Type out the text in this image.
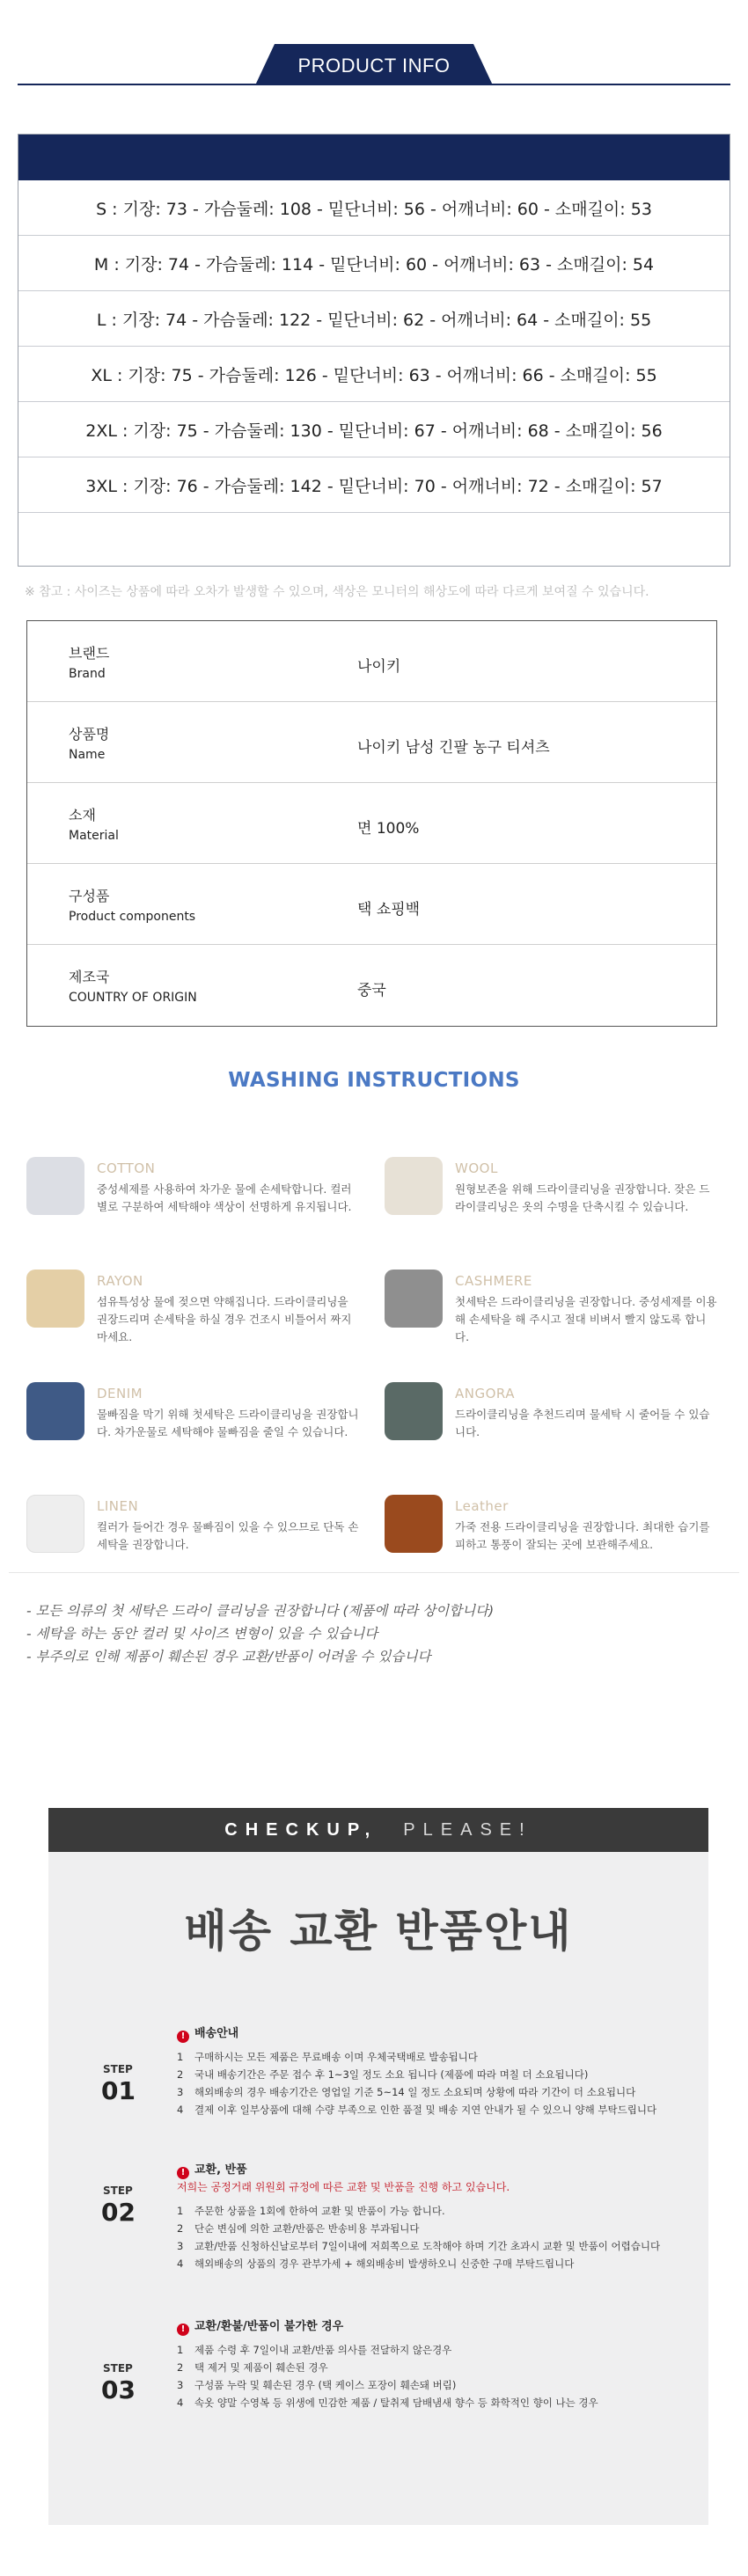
PRODUCT INFO
S : 기장: 73 - 가슴둘레: 108 - 밑단너비: 56 - 어깨너비: 60 - 소매길이: 53
M : 기장: 74 - 가슴둘레: 114 - 밑단너비: 60 - 어깨너비: 63 - 소매길이: 54
L : 기장: 74 - 가슴둘레: 122 - 밑단너비: 62 - 어깨너비: 64 - 소매길이: 55
XL : 기장: 75 - 가슴둘레: 126 - 밑단너비: 63 - 어깨너비: 66 - 소매길이: 55
2XL : 기장: 75 - 가슴둘레: 130 - 밑단너비: 67 - 어깨너비: 68 - 소매길이: 56
3XL : 기장: 76 - 가슴둘레: 142 - 밑단너비: 70 - 어깨너비: 72 - 소매길이: 57
※ 참고 : 사이즈는 상품에 따라 오차가 발생할 수 있으며, 색상은 모니터의 해상도에 따라 다르게 보여질 수 있습니다.
브랜드
Brand	나이키
상품명
Name	나이키 남성 긴팔 농구 티셔츠
소재
Material	면 100%
구성품
Product components	택 쇼핑백
제조국
COUNTRY OF ORIGIN	중국
WASHING INSTRUCTIONS
COTTON
중성세제를 사용하여 차가운 물에 손세탁합니다. 컬러별로 구분하여 세탁해야 색상이 선명하게 유지됩니다.
WOOL
원형보존을 위해 드라이클리닝을 권장합니다. 잦은 드라이클리닝은 옷의 수명을 단축시킬 수 있습니다.
RAYON
섬유특성상 물에 젖으면 약해집니다. 드라이클리닝을 권장드리며 손세탁을 하실 경우 건조시 비틀어서 짜지마세요.
CASHMERE
첫세탁은 드라이클리닝을 권장합니다. 중성세제를 이용해 손세탁을 해 주시고 절대 비벼서 빨지 않도록 합니다.
DENIM
물빠짐을 막기 위해 첫세탁은 드라이클리닝을 권장합니다. 차가운물로 세탁해야 물빠짐을 줄일 수 있습니다.
ANGORA
드라이클리닝을 추천드리며 물세탁 시 줄어들 수 있습니다.
LINEN
컬러가 들어간 경우 물빠짐이 있을 수 있으므로 단독 손세탁을 권장합니다.
Leather
가죽 전용 드라이클리닝을 권장합니다. 최대한 습기를 피하고 통풍이 잘되는 곳에 보관해주세요.
- 모든 의류의 첫 세탁은 드라이 클리닝을 권장합니다 (제품에 따라 상이합니다)
- 세탁을 하는 동안 컬러 및 사이즈 변형이 있을 수 있습니다
- 부주의로 인해 제품이 훼손된 경우 교환/반품이 어려울 수 있습니다
CHECKUP,
PLEASE!
배송 교환 반품안내
! 배송안내
STEP
01
1 구매하시는 모든 제품은 무료배송 이며 우체국택배로 발송됩니다
2 국내 배송기간은 주문 접수 후 1~3일 정도 소요 됩니다 (제품에 따라 며칠 더 소요됩니다)
3 해외배송의 경우 배송기간은 영업일 기준 5~14 일 정도 소요되며 상황에 따라 기간이 더 소요됩니다
4 결제 이후 일부상품에 대해 수량 부족으로 인한 품절 및 배송 지연 안내가 될 수 있으니 양해 부탁드립니다
! 교환, 반품
저희는 공정거래 위원회 규정에 따른 교환 및 반품을 진행 하고 있습니다.
STEP
02	1 주문한 상품을 1회에 한하여 교환 및 반품이 가능 합니다.
2 단순 변심에 의한 교환/반품은 반송비용 부과됩니다
3 교환/반품 신청하신날로부터 7일이내에 저희쪽으로 도착해야 하며 기간 초과시 교환 및 반품이 어렵습니다
4 해외배송의 상품의 경우 관부가세 + 해외배송비 발생하오니 신중한 구매 부탁드립니다
! 교환/환불/반품이 불가한 경우
STEP
03
1 제품 수령 후 7일이내 교환/반품 의사를 전달하지 않은경우
2 택 제거 및 제품이 훼손된 경우
3 구성품 누락 및 훼손된 경우 (택 케이스 포장이 훼손돼 버림)
4 속옷 양말 수영복 등 위생에 민감한 제품 / 탈취제 담배냄새 향수 등 화학적인 향이 나는 경우
